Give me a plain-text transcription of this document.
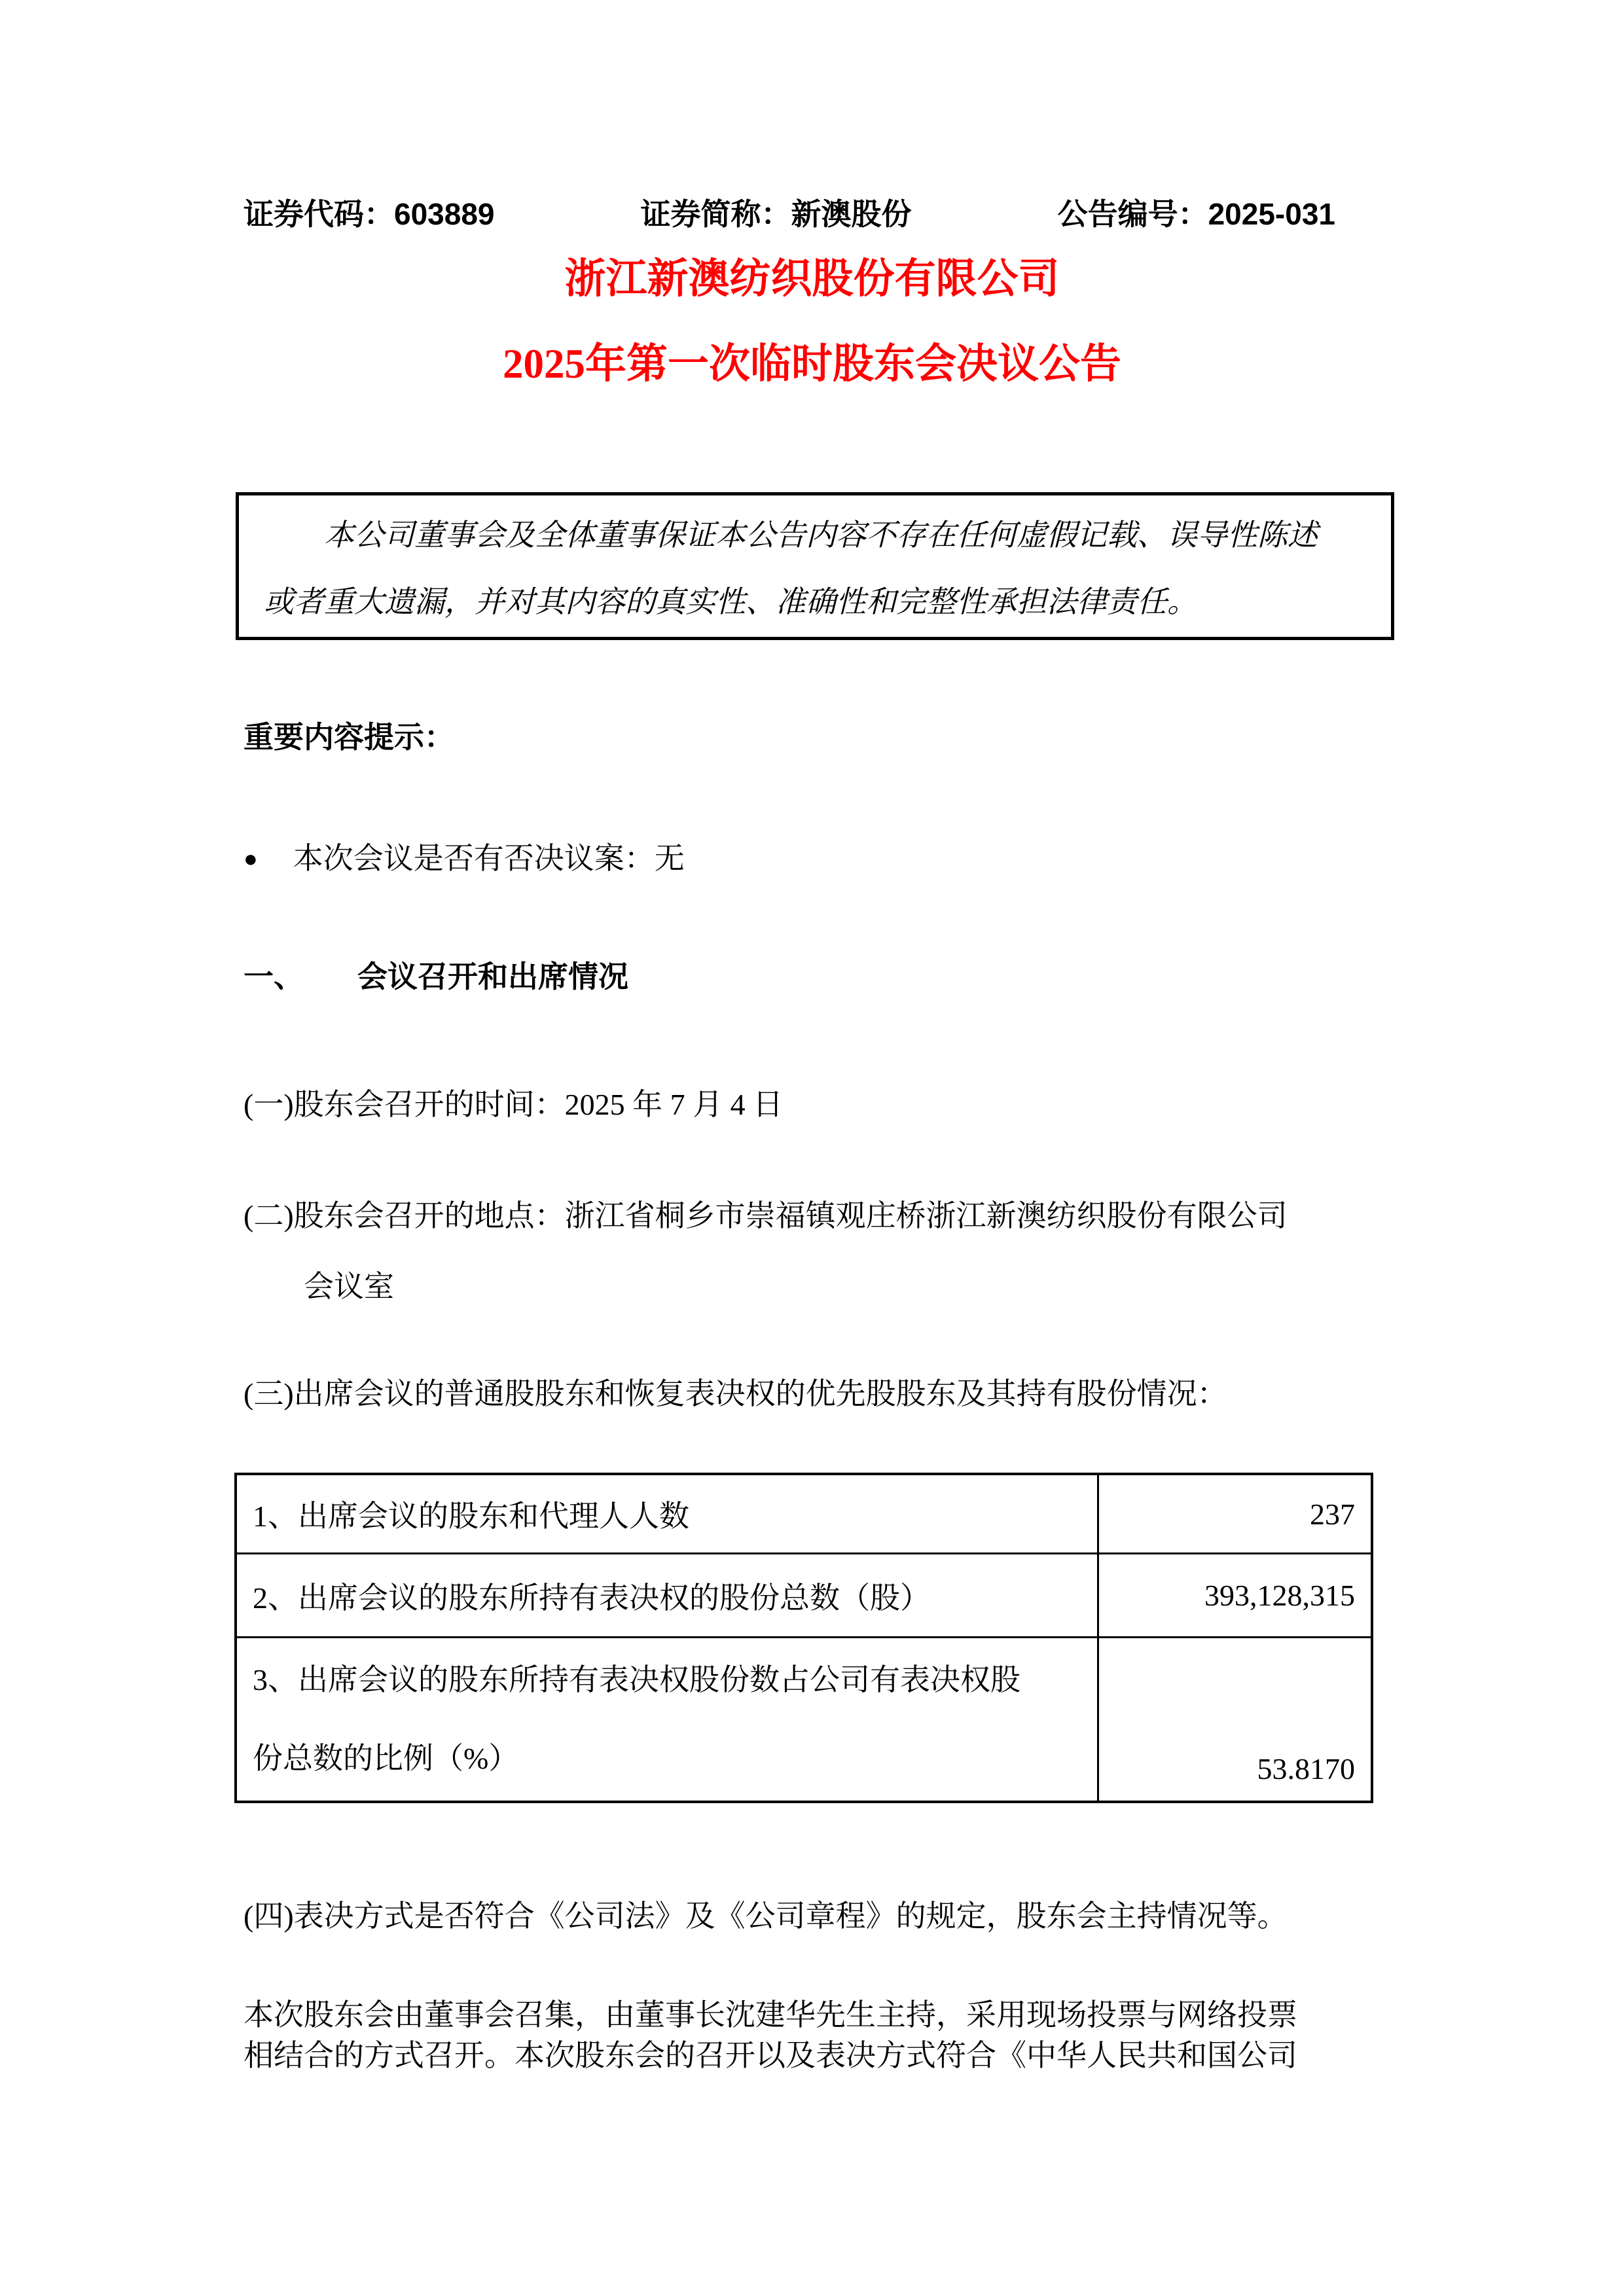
证券代码：603889	证券简称：新澳股份	公告编号：2025-031
浙江新澳纺织股份有限公司
2025年第一次临时股东会决议公告
本公司董事会及全体董事保证本公告内容不存在任何虚假记载、误导性陈述
或者重大遗漏，并对其内容的真实性、准确性和完整性承担法律责任。
重要内容提示：
● 本次会议是否有否决议案：无
一、 会议召开和出席情况
(一)股东会召开的时间：2025 年 7 月 4 日
(二)股东会召开的地点：浙江省桐乡市崇福镇观庄桥浙江新澳纺织股份有限公司
会议室
(三)出席会议的普通股股东和恢复表决权的优先股股东及其持有股份情况：
1、出席会议的股东和代理人人数	237
2、出席会议的股东所持有表决权的股份总数（股）	393,128,315
3、出席会议的股东所持有表决权股份数占公司有表决权股
份总数的比例（%）	53.8170
(四)表决方式是否符合《公司法》及《公司章程》的规定，股东会主持情况等。
本次股东会由董事会召集，由董事长沈建华先生主持，采用现场投票与网络投票
相结合的方式召开。本次股东会的召开以及表决方式符合《中华人民共和国公司
